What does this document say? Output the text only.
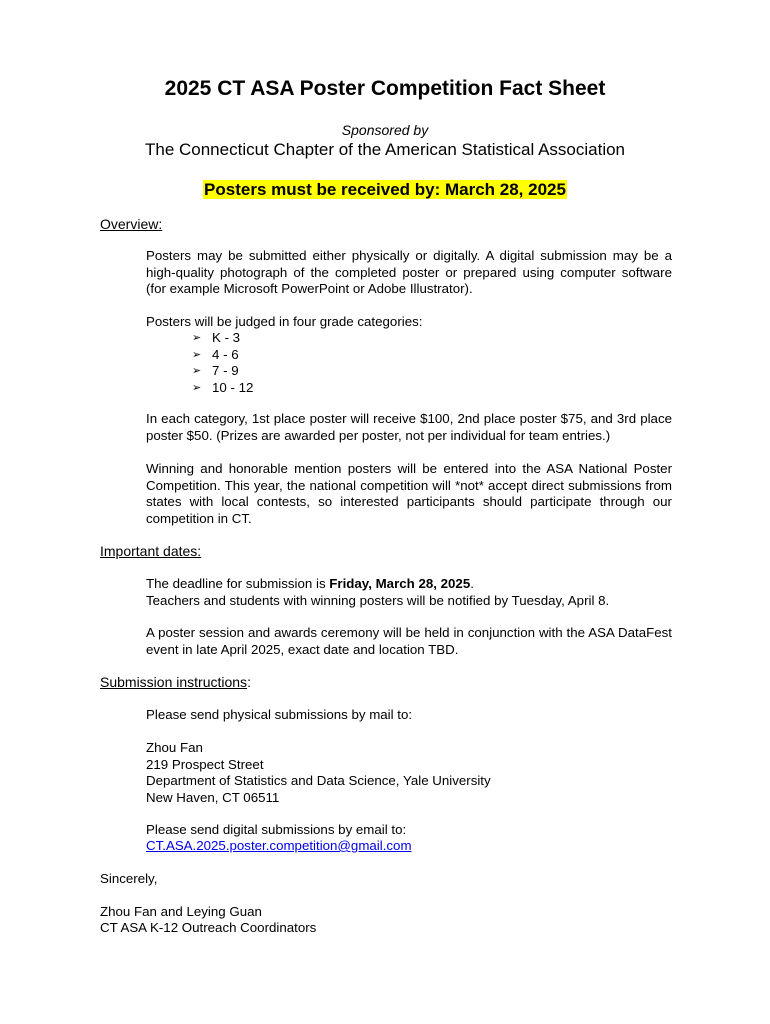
2025 CT ASA Poster Competition Fact Sheet
Sponsored by
The Connecticut Chapter of the American Statistical Association
Posters must be received by: March 28, 2025
Overview:
Posters may be submitted either physically or digitally. A digital submission may be a high-quality photograph of the completed poster or prepared using computer software (for example Microsoft PowerPoint or Adobe Illustrator).
Posters will be judged in four grade categories:
➢ K - 3
➢ 4 - 6
➢ 7 - 9
➢ 10 - 12
In each category, 1st place poster will receive $100, 2nd place poster $75, and 3rd place poster $50. (Prizes are awarded per poster, not per individual for team entries.)
Winning and honorable mention posters will be entered into the ASA National Poster Competition. This year, the national competition will *not* accept direct submissions from states with local contests, so interested participants should participate through our competition in CT.
Important dates:
The deadline for submission is Friday, March 28, 2025.
Teachers and students with winning posters will be notified by Tuesday, April 8.
A poster session and awards ceremony will be held in conjunction with the ASA DataFest event in late April 2025, exact date and location TBD.
Submission instructions:
Please send physical submissions by mail to:
Zhou Fan
219 Prospect Street
Department of Statistics and Data Science, Yale University
New Haven, CT 06511
Please send digital submissions by email to:
CT.ASA.2025.poster.competition@gmail.com
Sincerely,
Zhou Fan and Leying Guan
CT ASA K-12 Outreach Coordinators
